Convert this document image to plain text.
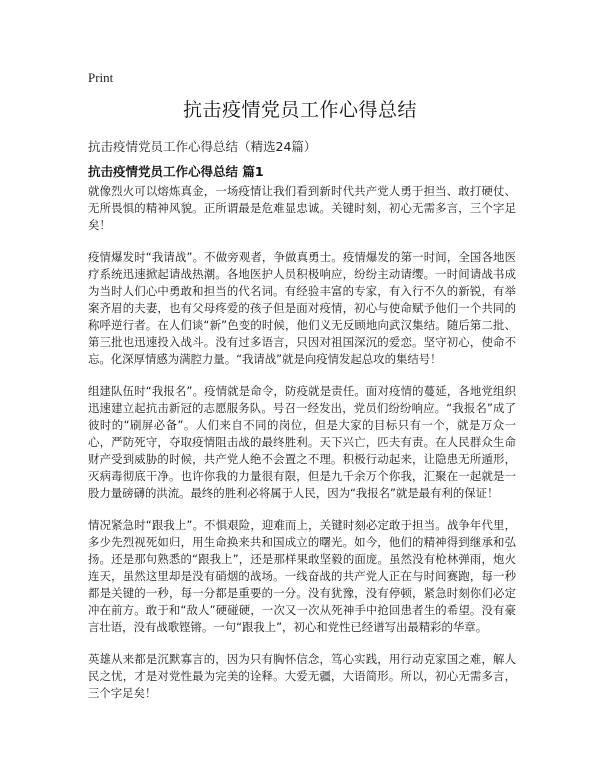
Print
抗击疫情党员工作心得总结
抗击疫情党员工作心得总结（精选24篇）
抗击疫情党员工作心得总结 篇1

就像烈火可以熔炼真金，一场疫情让我们看到新时代共产党人勇于担当、敢打硬仗、无所畏惧的精神风貌。正所谓最是危难显忠诚。关键时刻，初心无需多言，三个字足矣！

疫情爆发时“我请战”。不做旁观者，争做真勇士。疫情爆发的第一时间，全国各地医疗系统迅速掀起请战热潮。各地医护人员积极响应，纷纷主动请缨。一时间请战书成为当时人们心中勇敢和担当的代名词。有经验丰富的专家，有入行不久的新锐，有举案齐眉的夫妻，也有父母疼爱的孩子但是面对疫情，初心与使命赋予他们一个共同的称呼逆行者。在人们谈“新”色变的时候，他们义无反顾地向武汉集结。随后第二批、第三批也迅速投入战斗。没有过多语言，只因对祖国深沉的爱恋。坚守初心，使命不忘。化深厚情感为满腔力量。“我请战”就是向疫情发起总攻的集结号！

组建队伍时“我报名”。疫情就是命令，防疫就是责任。面对疫情的蔓延，各地党组织迅速建立起抗击新冠的志愿服务队。号召一经发出，党员们纷纷响应。“我报名”成了彼时的“刷屏必备”。人们来自不同的岗位，但是大家的目标只有一个，就是万众一心，严防死守，夺取疫情阻击战的最终胜利。天下兴亡，匹夫有责。在人民群众生命财产受到威胁的时候，共产党人绝不会置之不理。积极行动起来，让隐患无所遁形，灭病毒彻底干净。也许你我的力量很有限，但是九千余万个你我，汇聚在一起就是一股力量磅礴的洪流。最终的胜利必将属于人民，因为“我报名”就是最有利的保证！

情况紧急时“跟我上”。不惧艰险，迎难而上，关键时刻必定敢于担当。战争年代里，多少先烈视死如归，用生命换来共和国成立的曙光。如今，他们的精神得到继承和弘扬。还是那句熟悉的“跟我上”，还是那样果敢坚毅的面庞。虽然没有枪林弹雨，炮火连天，虽然这里却是没有硝烟的战场。一线奋战的共产党人正在与时间赛跑，每一秒都是关键的一秒，每一分都是重要的一分。没有犹豫，没有停顿，紧急时刻你们必定冲在前方。敢于和“敌人”硬碰硬，一次又一次从死神手中抢回患者生的希望。没有豪言壮语，没有战歌铿锵。一句“跟我上”，初心和党性已经谱写出最精彩的华章。

英雄从来都是沉默寡言的，因为只有胸怀信念，笃心实践，用行动克家国之难，解人民之忧，才是对党性最为完美的诠释。大爱无疆，大语简形。所以，初心无需多言，三个字足矣！
